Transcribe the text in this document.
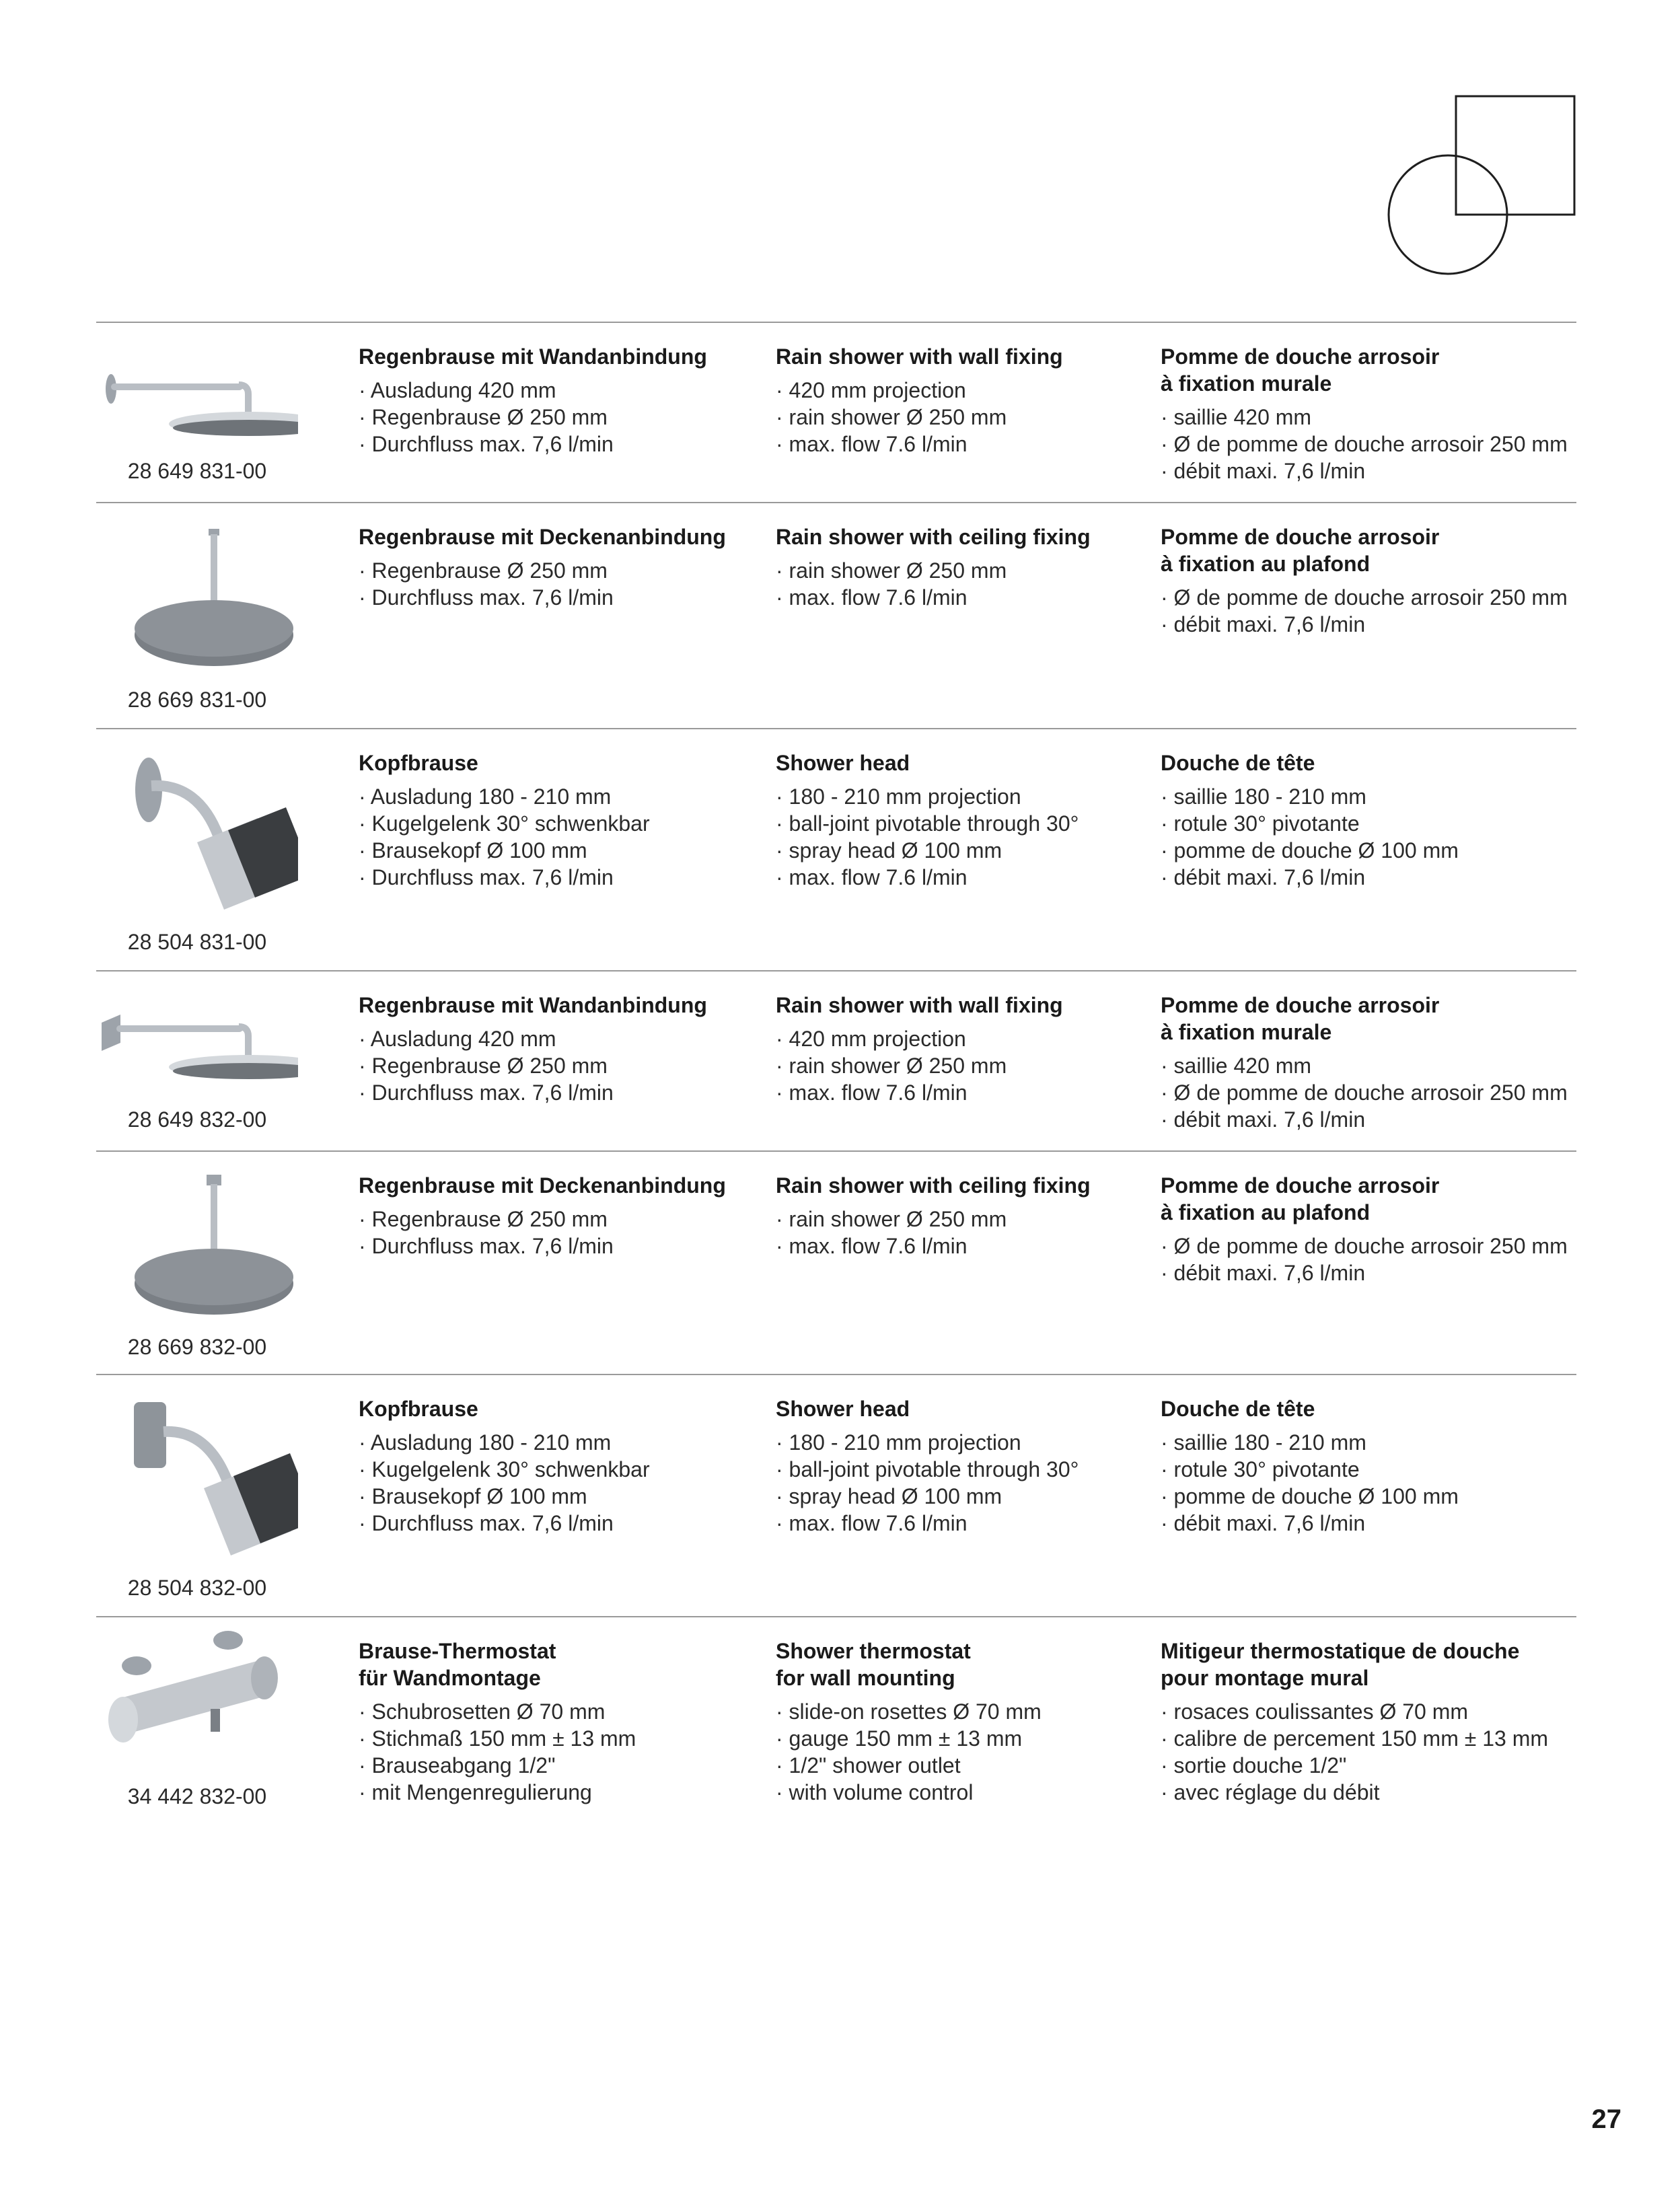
28 649 831-00
Regenbrause mit Wandanbindung
· Ausladung 420 mm
· Regenbrause Ø 250 mm
· Durchfluss max. 7,6 l/min
Rain shower with wall fixing
· 420 mm projection
· rain shower Ø 250 mm
· max. flow 7.6 l/min
Pomme de douche arrosoir
à fixation murale
· saillie 420 mm
· Ø de pomme de douche arrosoir 250 mm
· débit maxi. 7,6 l/min
28 669 831-00
Regenbrause mit Deckenanbindung
· Regenbrause Ø 250 mm
· Durchfluss max. 7,6 l/min
Rain shower with ceiling fixing
· rain shower Ø 250 mm
· max. flow 7.6 l/min
Pomme de douche arrosoir
à fixation au plafond
· Ø de pomme de douche arrosoir 250 mm
· débit maxi. 7,6 l/min
28 504 831-00
Kopfbrause
· Ausladung 180 - 210 mm
· Kugelgelenk 30° schwenkbar
· Brausekopf Ø 100 mm
· Durchfluss max. 7,6 l/min
Shower head
· 180 - 210 mm projection
· ball-joint pivotable through 30°
· spray head Ø 100 mm
· max. flow 7.6 l/min
Douche de tête
· saillie 180 - 210 mm
· rotule 30° pivotante
· pomme de douche Ø 100 mm
· débit maxi. 7,6 l/min
28 649 832-00
Regenbrause mit Wandanbindung
· Ausladung 420 mm
· Regenbrause Ø 250 mm
· Durchfluss max. 7,6 l/min
Rain shower with wall fixing
· 420 mm projection
· rain shower Ø 250 mm
· max. flow 7.6 l/min
Pomme de douche arrosoir
à fixation murale
· saillie 420 mm
· Ø de pomme de douche arrosoir 250 mm
· débit maxi. 7,6 l/min
28 669 832-00
Regenbrause mit Deckenanbindung
· Regenbrause Ø 250 mm
· Durchfluss max. 7,6 l/min
Rain shower with ceiling fixing
· rain shower Ø 250 mm
· max. flow 7.6 l/min
Pomme de douche arrosoir
à fixation au plafond
· Ø de pomme de douche arrosoir 250 mm
· débit maxi. 7,6 l/min
28 504 832-00
Kopfbrause
· Ausladung 180 - 210 mm
· Kugelgelenk 30° schwenkbar
· Brausekopf Ø 100 mm
· Durchfluss max. 7,6 l/min
Shower head
· 180 - 210 mm projection
· ball-joint pivotable through 30°
· spray head Ø 100 mm
· max. flow 7.6 l/min
Douche de tête
· saillie 180 - 210 mm
· rotule 30° pivotante
· pomme de douche Ø 100 mm
· débit maxi. 7,6 l/min
34 442 832-00
Brause-Thermostat
für Wandmontage
· Schubrosetten Ø 70 mm
· Stichmaß 150 mm ± 13 mm
· Brauseabgang 1/2"
· mit Mengenregulierung
Shower thermostat
for wall mounting
· slide-on rosettes Ø 70 mm
· gauge 150 mm ± 13 mm
· 1/2" shower outlet
· with volume control
Mitigeur thermostatique de douche
pour montage mural
· rosaces coulissantes Ø 70 mm
· calibre de percement 150 mm ± 13 mm
· sortie douche 1/2"
· avec réglage du débit
27
